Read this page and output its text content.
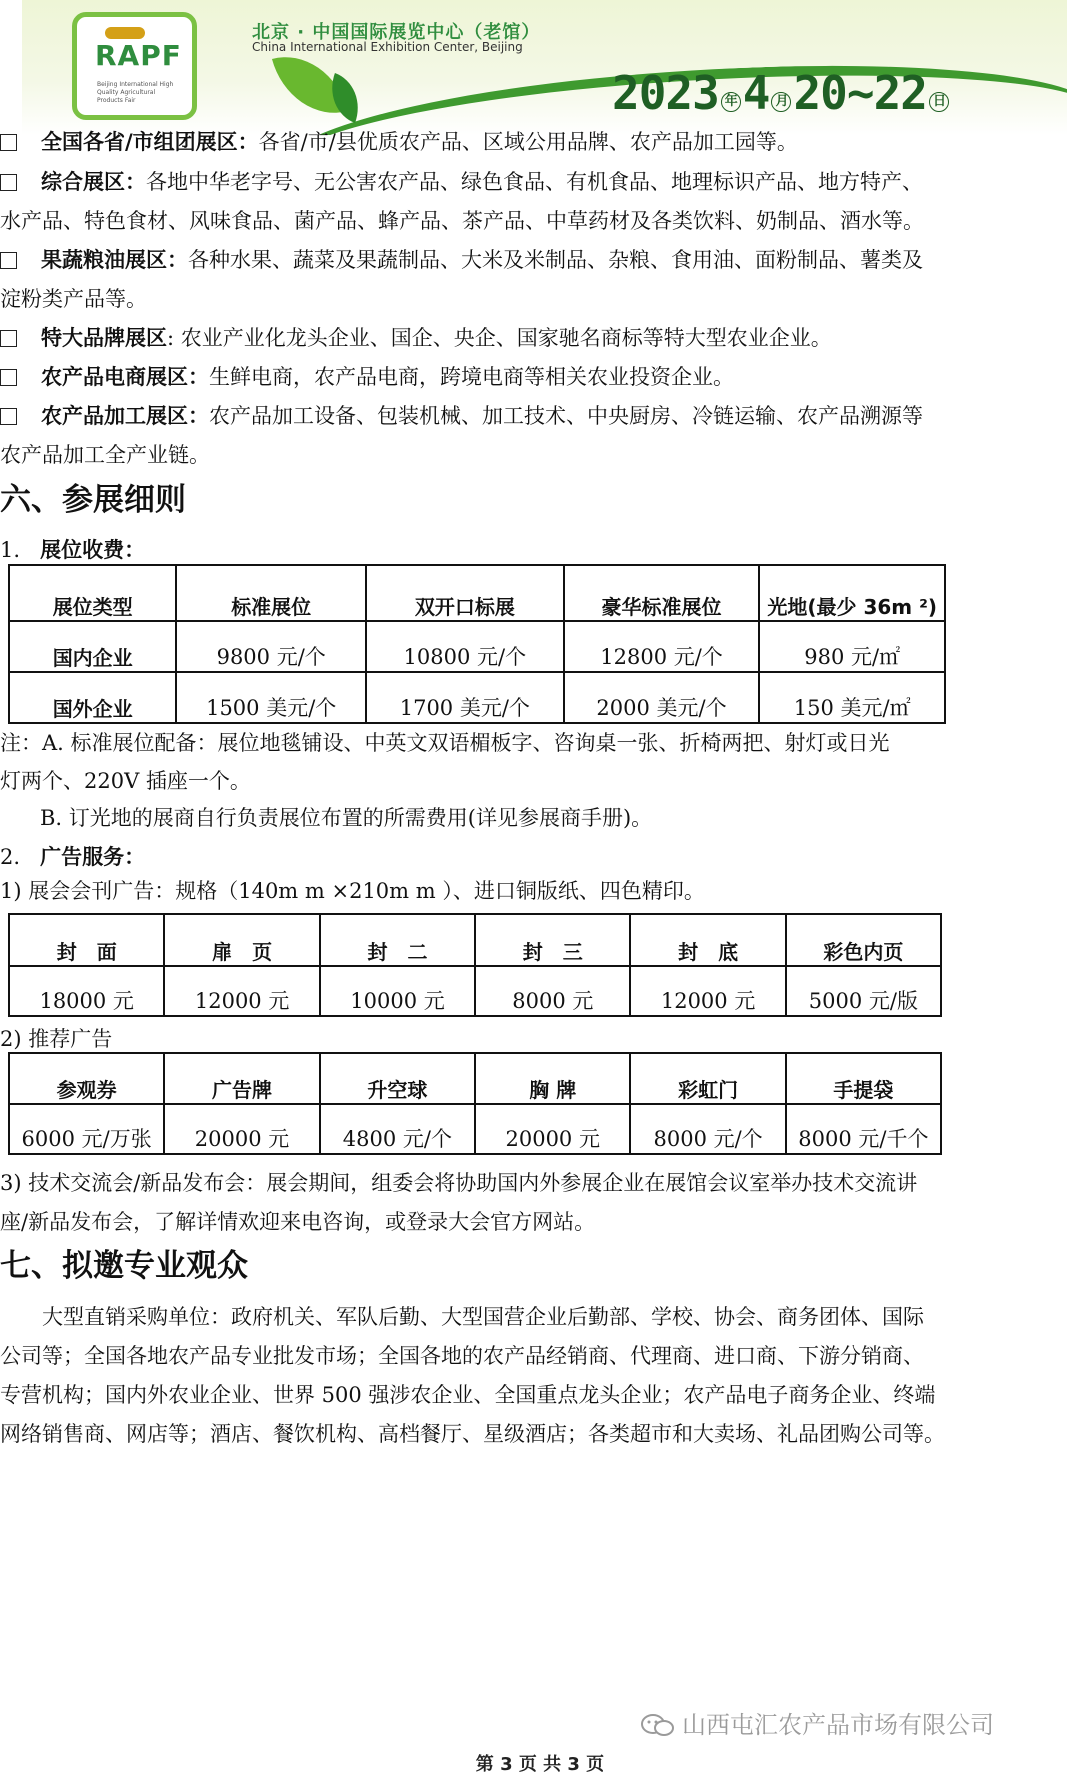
RAPF
Beijing International High Quality Agricultural Products Fair
北京 · 中国国际展览中心（老馆）
China International Exhibition Center, Beijing
2023 年 4 月 20~22 日
全国各省/市组团展区：各省/市/县优质农产品、区域公用品牌、农产品加工园等。
综合展区：各地中华老字号、无公害农产品、绿色食品、有机食品、地理标识产品、地方特产、
水产品、特色食材、风味食品、菌产品、蜂产品、茶产品、中草药材及各类饮料、奶制品、酒水等。
果蔬粮油展区：各种水果、蔬菜及果蔬制品、大米及米制品、杂粮、食用油、面粉制品、薯类及
淀粉类产品等。
特大品牌展区: 农业产业化龙头企业、国企、央企、国家驰名商标等特大型农业企业。
农产品电商展区：生鲜电商，农产品电商，跨境电商等相关农业投资企业。
农产品加工展区：农产品加工设备、包装机械、加工技术、中央厨房、冷链运输、农产品溯源等
农产品加工全产业链。
六、参展细则
1. 展位收费：
展位类型	标准展位	双开口标展	豪华标准展位	光地(最少 36m ²)
国内企业	9800 元/个	10800 元/个	12800 元/个	980 元/㎡
国外企业	1500 美元/个	1700 美元/个	2000 美元/个	150 美元/㎡
注：A. 标准展位配备：展位地毯铺设、中英文双语楣板字、咨询桌一张、折椅两把、射灯或日光
灯两个、220V 插座一个。
B. 订光地的展商自行负责展位布置的所需费用(详见参展商手册)。
2. 广告服务：
1) 展会会刊广告：规格（140m m ×210m m ）、进口铜版纸、四色精印。
封　面	扉　页	封　二	封　三	封　底	彩色内页
18000 元	12000 元	10000 元	8000 元	12000 元	5000 元/版
2) 推荐广告
参观券	广告牌	升空球	胸 牌	彩虹门	手提袋
6000 元/万张	20000 元	4800 元/个	20000 元	8000 元/个	8000 元/千个
3) 技术交流会/新品发布会：展会期间，组委会将协助国内外参展企业在展馆会议室举办技术交流讲
座/新品发布会，了解详情欢迎来电咨询，或登录大会官方网站。
七、拟邀专业观众
　　大型直销采购单位：政府机关、军队后勤、大型国营企业后勤部、学校、协会、商务团体、国际
公司等；全国各地农产品专业批发市场；全国各地的农产品经销商、代理商、进口商、下游分销商、
专营机构；国内外农业企业、世界 500 强涉农企业、全国重点龙头企业；农产品电子商务企业、终端
网络销售商、网店等；酒店、餐饮机构、高档餐厅、星级酒店；各类超市和大卖场、礼品团购公司等。
山西屯汇农产品市场有限公司
第 3 页 共 3 页
